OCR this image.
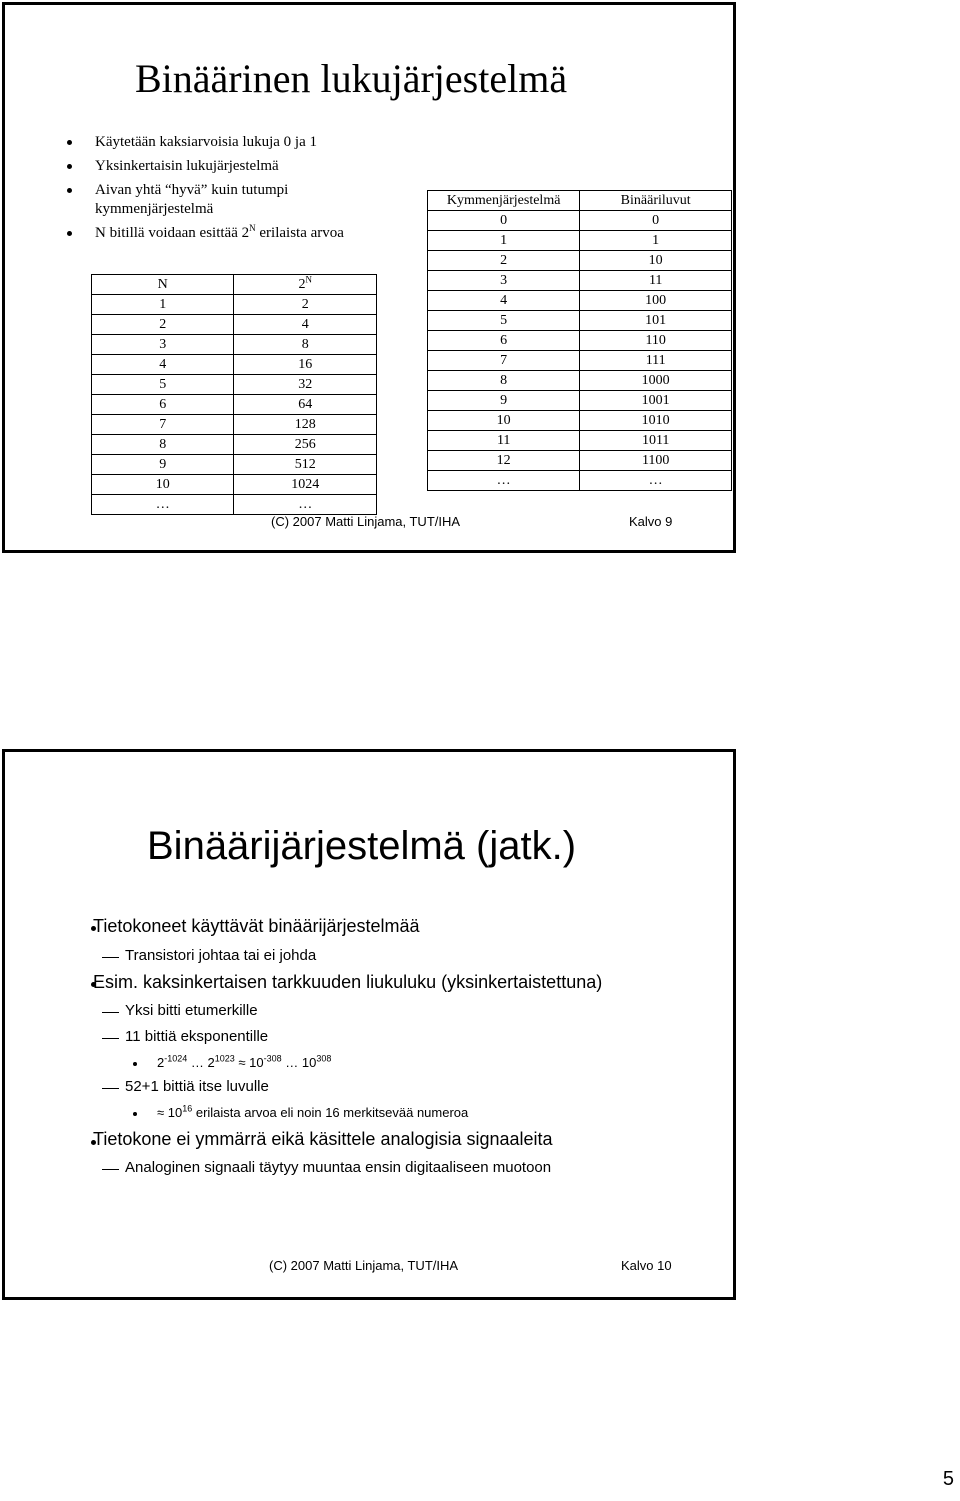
Binäärinen lukujärjestelmä
Käytetään kaksiarvoisia lukuja 0 ja 1
Yksinkertaisin lukujärjestelmä
Aivan yhtä “hyvä” kuin tutumpi
kymmenjärjestelmä
N bitillä voidaan esittää $2^N$ erilaista arvoa
N	$2^N$
1	2
2	4
3	8
4	16
5	32
6	64
7	128
8	256
9	512
10	1024
…	…
Kymmenjärjestelmä	Binääriluvut
0	0
1	1
2	10
3	11
4	100
5	101
6	110
7	111
8	1000
9	1001
10	1010
11	1011
12	1100
…	…
(C) 2007 Matti Linjama, TUT/IHA	Kalvo 9
Binäärijärjestelmä (jatk.)
Tietokoneet käyttävät binäärijärjestelmää
Transistori johtaa tai ei johda
Esim. kaksinkertaisen tarkkuuden liukuluku (yksinkertaistettuna)
Yksi bitti etumerkille
11 bittiä eksponentille
$2^{-1024}$ … $2^{1023} \approx 10^{-308}$ … $10^{308}$
52+1 bittiä itse luvulle
≈ $10^{16}$ erilaista arvoa eli noin 16 merkitsevää numeroa
Tietokone ei ymmärrä eikä käsittele analogisia signaaleita
Analoginen signaali täytyy muuntaa ensin digitaaliseen muotoon
(C) 2007 Matti Linjama, TUT/IHA	Kalvo 10
5
